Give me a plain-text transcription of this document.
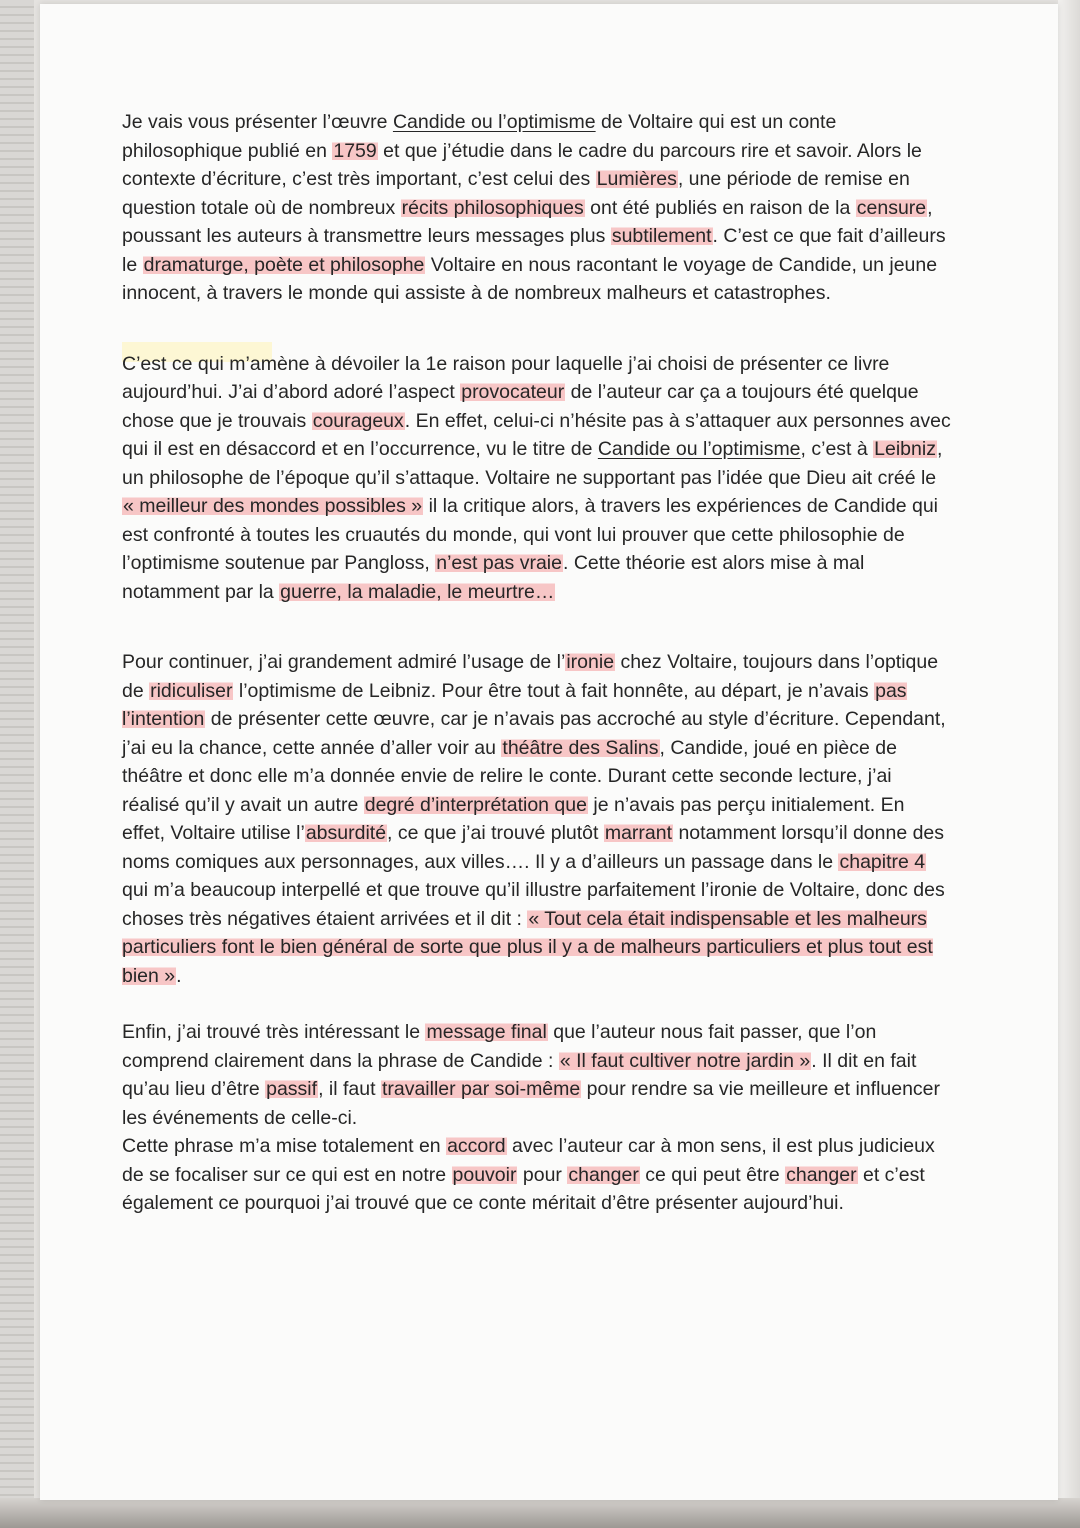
Je vais vous présenter l’œuvre Candide ou l’optimisme de Voltaire qui est un conte philosophique publié en 1759 et que j’étudie dans le cadre du parcours rire et savoir. Alors le contexte d’écriture, c’est très important, c’est celui des Lumières, une période de remise en question totale où de nombreux récits philosophiques ont été publiés en raison de la censure, poussant les auteurs à transmettre leurs messages plus subtilement. C’est ce que fait d’ailleurs le dramaturge, poète et philosophe Voltaire en nous racontant le voyage de Candide, un jeune innocent, à travers le monde qui assiste à de nombreux malheurs et catastrophes.

C’est ce qui m’amène à dévoiler la 1e raison pour laquelle j’ai choisi de présenter ce livre aujourd’hui. J’ai d’abord adoré l’aspect provocateur de l’auteur car ça a toujours été quelque chose que je trouvais courageux. En effet, celui-ci n’hésite pas à s’attaquer aux personnes avec qui il est en désaccord et en l’occurrence, vu le titre de Candide ou l’optimisme, c’est à Leibniz, un philosophe de l’époque qu’il s’attaque. Voltaire ne supportant pas l’idée que Dieu ait créé le « meilleur des mondes possibles » il la critique alors, à travers les expériences de Candide qui est confronté à toutes les cruautés du monde, qui vont lui prouver que cette philosophie de l’optimisme soutenue par Pangloss, n’est pas vraie. Cette théorie est alors mise à mal notamment par la guerre, la maladie, le meurtre…

Pour continuer, j’ai grandement admiré l’usage de l’ironie chez Voltaire, toujours dans l’optique de ridiculiser l’optimisme de Leibniz. Pour être tout à fait honnête, au départ, je n’avais pas l’intention de présenter cette œuvre, car je n’avais pas accroché au style d’écriture. Cependant, j’ai eu la chance, cette année d’aller voir au théâtre des Salins, Candide, joué en pièce de théâtre et donc elle m’a donnée envie de relire le conte. Durant cette seconde lecture, j’ai réalisé qu’il y avait un autre degré d’interprétation que je n’avais pas perçu initialement. En effet, Voltaire utilise l’absurdité, ce que j’ai trouvé plutôt marrant notamment lorsqu’il donne des noms comiques aux personnages, aux villes…. Il y a d’ailleurs un passage dans le chapitre 4 qui m’a beaucoup interpellé et que trouve qu’il illustre parfaitement l’ironie de Voltaire, donc des choses très négatives étaient arrivées et il dit : « Tout cela était indispensable et les malheurs particuliers font le bien général de sorte que plus il y a de malheurs particuliers et plus tout est bien ».

Enfin, j’ai trouvé très intéressant le message final que l’auteur nous fait passer, que l’on comprend clairement dans la phrase de Candide : « Il faut cultiver notre jardin ». Il dit en fait qu’au lieu d’être passif, il faut travailler par soi-même pour rendre sa vie meilleure et influencer les événements de celle-ci.
Cette phrase m’a mise totalement en accord avec l’auteur car à mon sens, il est plus judicieux de se focaliser sur ce qui est en notre pouvoir pour changer ce qui peut être changer et c’est également ce pourquoi j’ai trouvé que ce conte méritait d’être présenter aujourd’hui.
